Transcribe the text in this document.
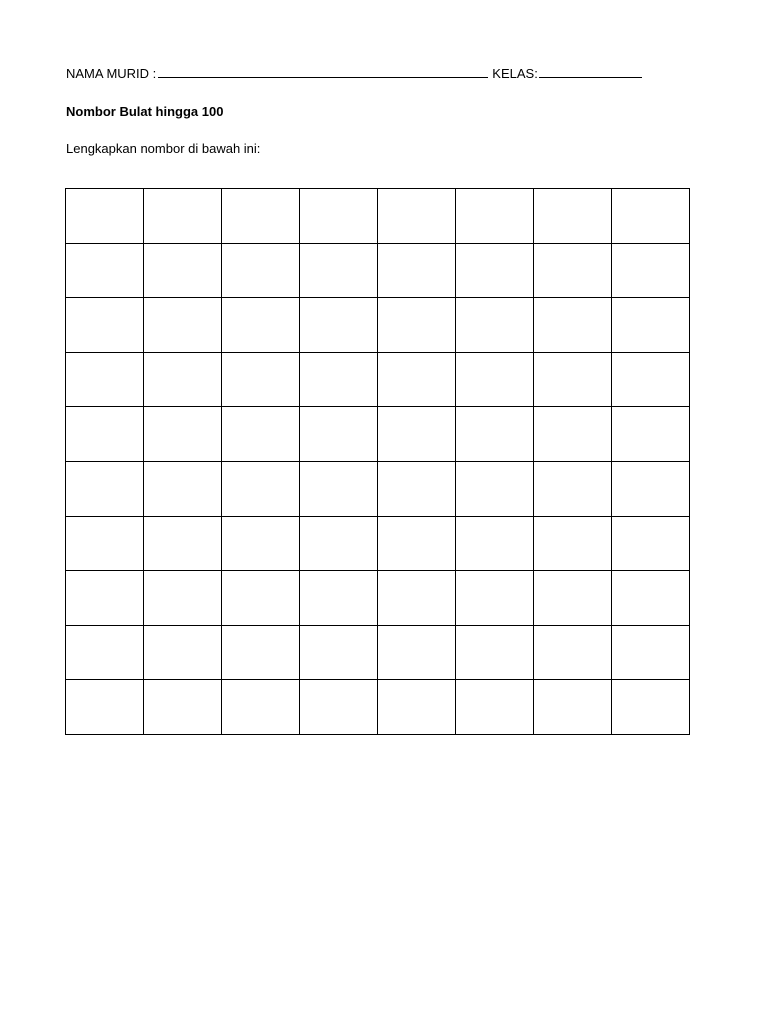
NAMA MURID :	KELAS:
Nombor Bulat hingga 100
Lengkapkan nombor di bawah ini:
